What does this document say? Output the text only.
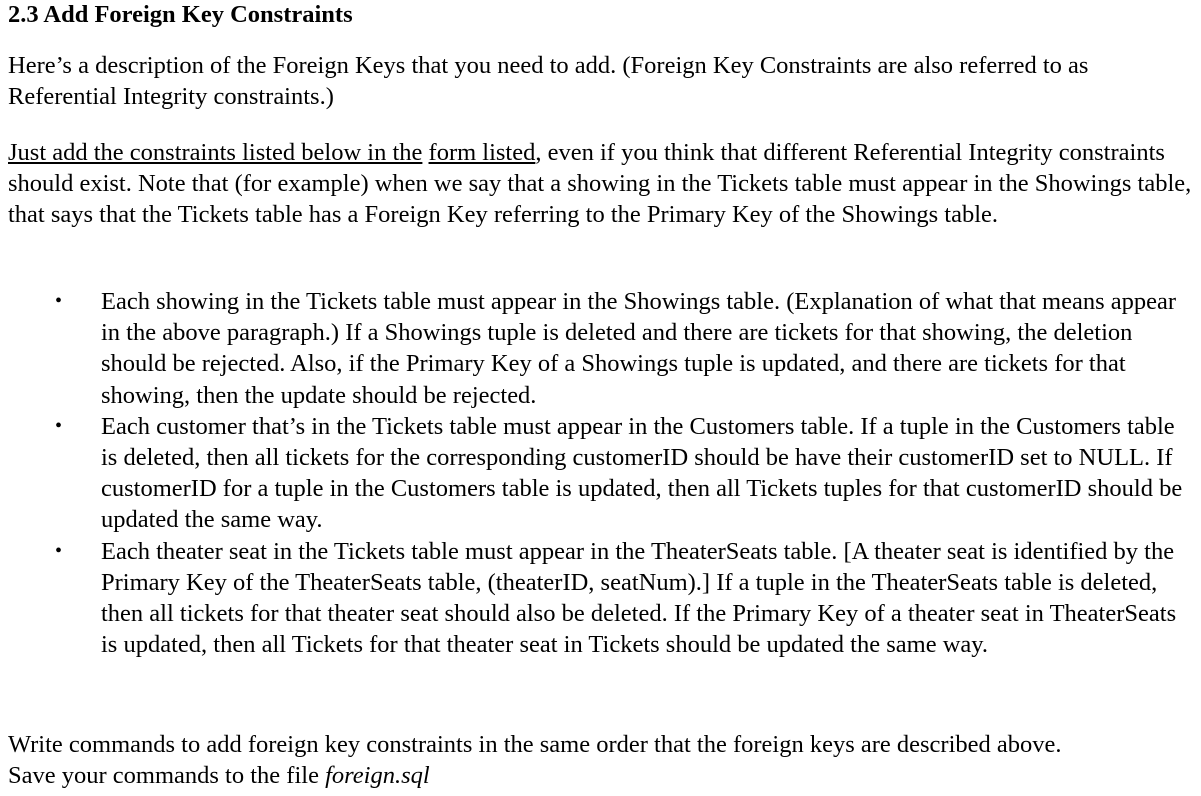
2.3 Add Foreign Key Constraints

Here’s a description of the Foreign Keys that you need to add. (Foreign Key Constraints are also referred to as Referential Integrity constraints.)

Just add the constraints listed below in the form listed, even if you think that different Referential Integrity constraints should exist. Note that (for example) when we say that a showing in the Tickets table must appear in the Showings table, that says that the Tickets table has a Foreign Key referring to the Primary Key of the Showings table.

• Each showing in the Tickets table must appear in the Showings table. (Explanation of what that means appear in the above paragraph.) If a Showings tuple is deleted and there are tickets for that showing, the deletion should be rejected. Also, if the Primary Key of a Showings tuple is updated, and there are tickets for that showing, then the update should be rejected.
• Each customer that’s in the Tickets table must appear in the Customers table. If a tuple in the Customers table is deleted, then all tickets for the corresponding customerID should be have their customerID set to NULL. If customerID for a tuple in the Customers table is updated, then all Tickets tuples for that customerID should be updated the same way.
• Each theater seat in the Tickets table must appear in the TheaterSeats table. [A theater seat is identified by the Primary Key of the TheaterSeats table, (theaterID, seatNum).] If a tuple in the TheaterSeats table is deleted, then all tickets for that theater seat should also be deleted. If the Primary Key of a theater seat in TheaterSeats is updated, then all Tickets for that theater seat in Tickets should be updated the same way.

Write commands to add foreign key constraints in the same order that the foreign keys are described above.
Save your commands to the file foreign.sql
